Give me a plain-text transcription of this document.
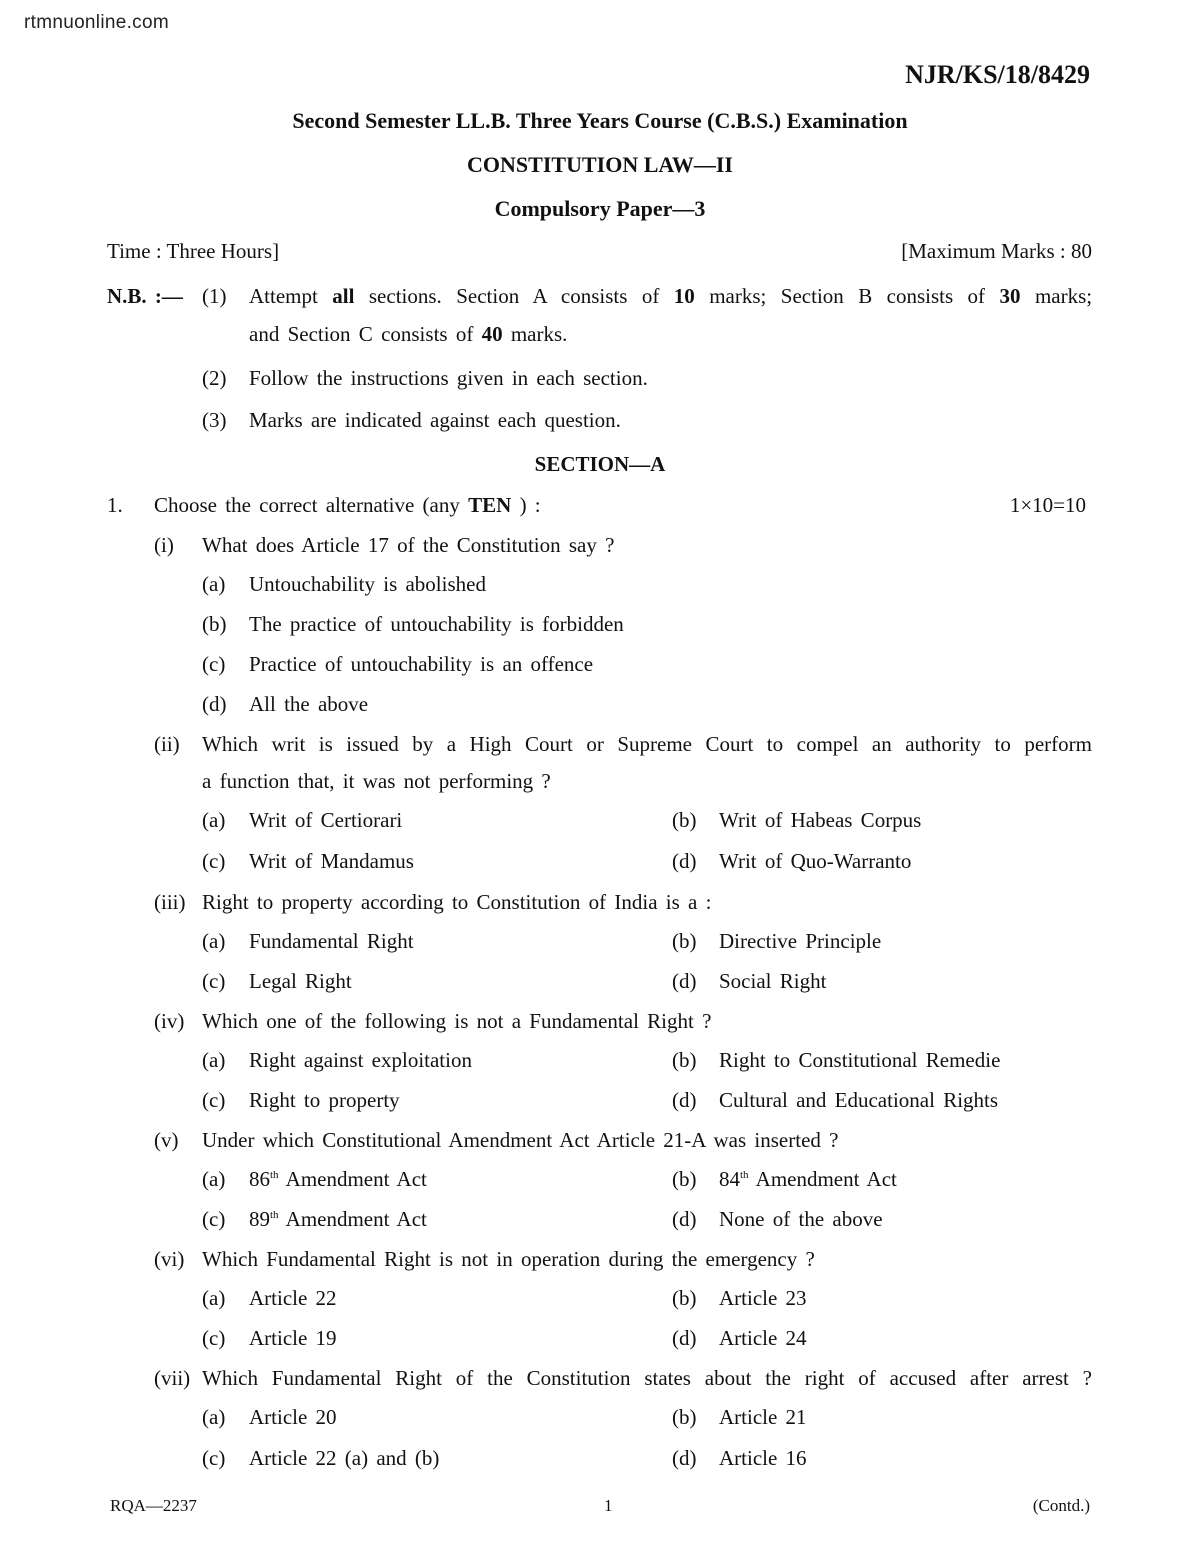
rtmnuonline.com
NJR/KS/18/8429
Second Semester LL.B. Three Years Course (C.B.S.) Examination
CONSTITUTION LAW—II
Compulsory Paper—3
Time : Three Hours]	[Maximum Marks : 80
N.B. :— (1) Attempt all sections. Section A consists of 10 marks; Section B consists of 30 marks;
and Section C consists of 40 marks.
(2) Follow the instructions given in each section.
(3) Marks are indicated against each question.
SECTION—A
1. Choose the correct alternative (any TEN ) :	1×10=10
(i) What does Article 17 of the Constitution say ?
(a) Untouchability is abolished
(b) The practice of untouchability is forbidden
(c) Practice of untouchability is an offence
(d) All the above
(ii) Which writ is issued by a High Court or Supreme Court to compel an authority to perform
a function that, it was not performing ?
(a) Writ of Certiorari	(b) Writ of Habeas Corpus
(c) Writ of Mandamus	(d) Writ of Quo-Warranto
(iii) Right to property according to Constitution of India is a :
(a) Fundamental Right	(b) Directive Principle
(c) Legal Right	(d) Social Right
(iv) Which one of the following is not a Fundamental Right ?
(a) Right against exploitation	(b) Right to Constitutional Remedie
(c) Right to property	(d) Cultural and Educational Rights
(v) Under which Constitutional Amendment Act Article 21-A was inserted ?
(a) 86th Amendment Act	(b) 84th Amendment Act
(c) 89th Amendment Act	(d) None of the above
(vi) Which Fundamental Right is not in operation during the emergency ?
(a) Article 22	(b) Article 23
(c) Article 19	(d) Article 24
(vii) Which Fundamental Right of the Constitution states about the right of accused after arrest ?
(a) Article 20	(b) Article 21
(c) Article 22 (a) and (b)	(d) Article 16
RQA—2237	1	(Contd.)
